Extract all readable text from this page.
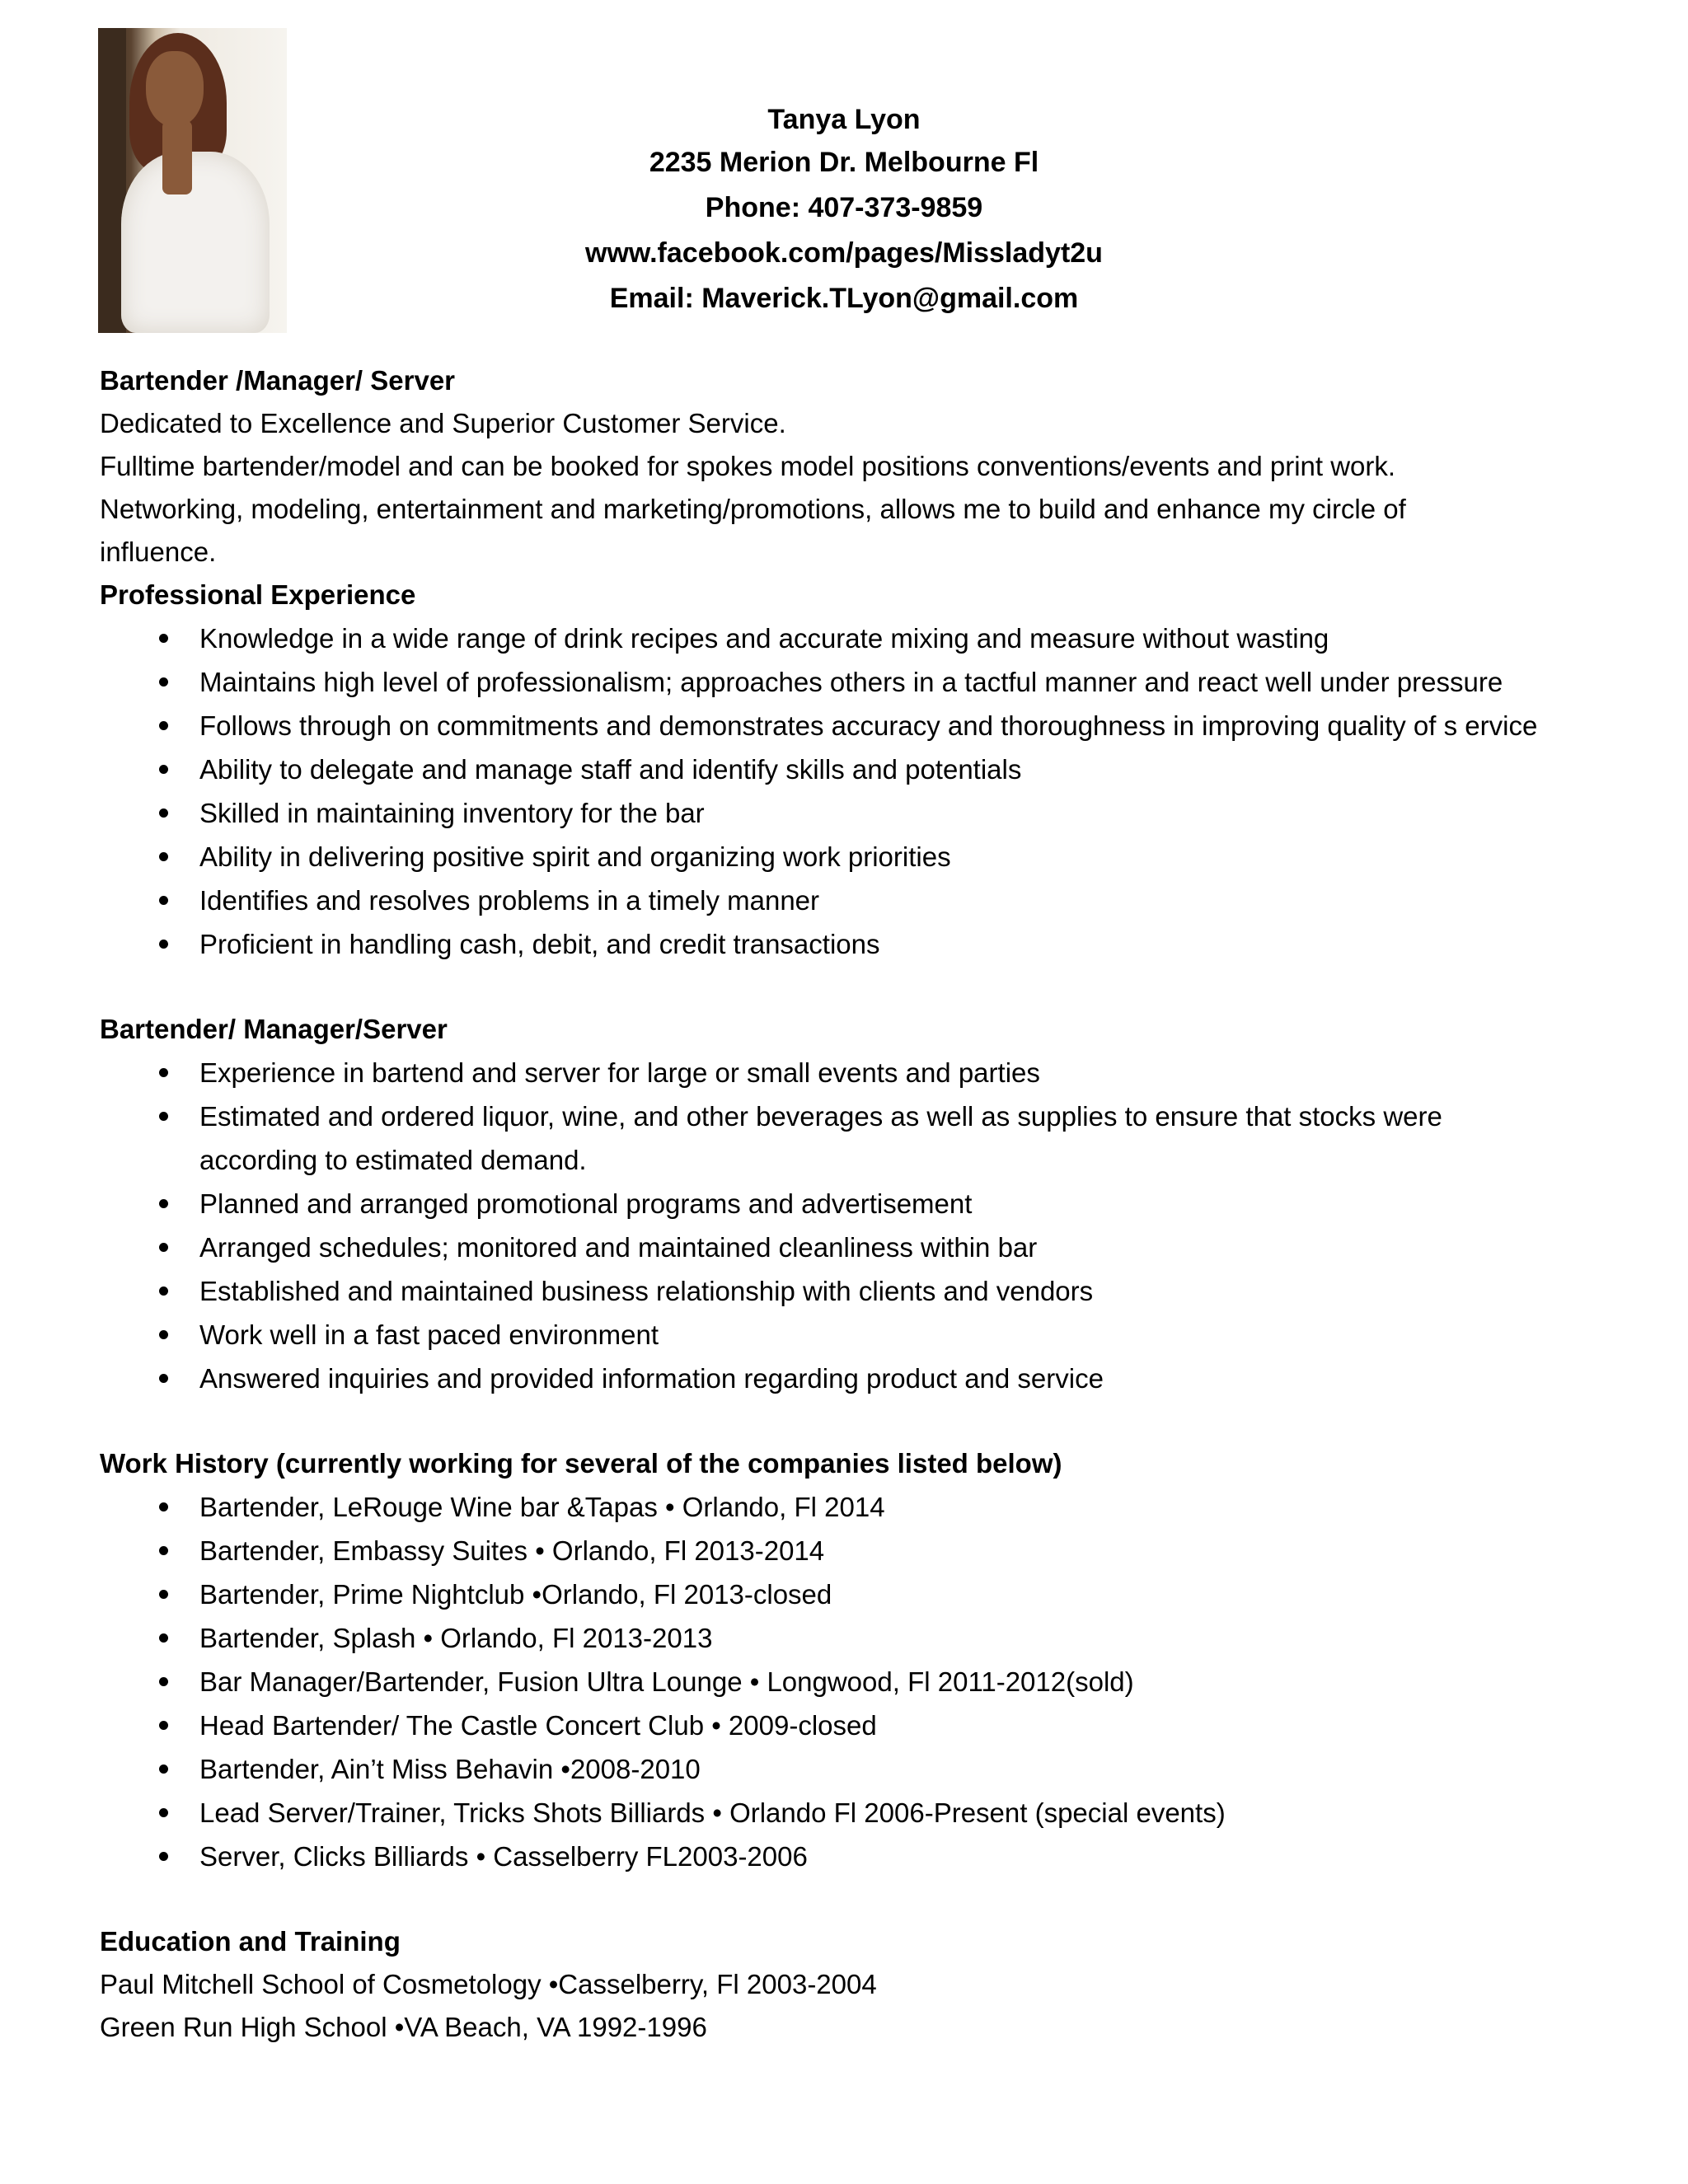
Tanya Lyon
2235 Merion Dr. Melbourne Fl
Phone: 407-373-9859
www.facebook.com/pages/Missladyt2u
Email: Maverick.TLyon@gmail.com
Bartender /Manager/ Server
Dedicated to Excellence and Superior Customer Service.
Fulltime bartender/model and can be booked for spokes model positions conventions/events and print work.
Networking, modeling, entertainment and marketing/promotions, allows me to build and enhance my circle of
influence.
Professional Experience
Knowledge in a wide range of drink recipes and accurate mixing and measure without wasting
Maintains high level of professionalism; approaches others in a tactful manner and react well under pressure
Follows through on commitments and demonstrates accuracy and thoroughness in improving quality of s ervice
Ability to delegate and manage staff and identify skills and potentials
Skilled in maintaining inventory for the bar
Ability in delivering positive spirit and organizing work priorities
Identifies and resolves problems in a timely manner
Proficient in handling cash, debit, and credit transactions
Bartender/ Manager/Server
Experience in bartend and server for large or small events and parties
Estimated and ordered liquor, wine, and other beverages as well as supplies to ensure that stocks were
according to estimated demand.
Planned and arranged promotional programs and advertisement
Arranged schedules; monitored and maintained cleanliness within bar
Established and maintained business relationship with clients and vendors
Work well in a fast paced environment
Answered inquiries and provided information regarding product and service
Work History (currently working for several of the companies listed below)
Bartender, LeRouge Wine bar &Tapas • Orlando, Fl 2014
Bartender, Embassy Suites • Orlando, Fl 2013-2014
Bartender, Prime Nightclub •Orlando, Fl 2013-closed
Bartender, Splash • Orlando, Fl 2013-2013
Bar Manager/Bartender, Fusion Ultra Lounge • Longwood, Fl 2011-2012(sold)
Head Bartender/ The Castle Concert Club • 2009-closed
Bartender, Ain’t Miss Behavin •2008-2010
Lead Server/Trainer, Tricks Shots Billiards • Orlando Fl 2006-Present (special events)
Server, Clicks Billiards • Casselberry FL2003-2006
Education and Training
Paul Mitchell School of Cosmetology •Casselberry, Fl 2003-2004
Green Run High School •VA Beach, VA 1992-1996
